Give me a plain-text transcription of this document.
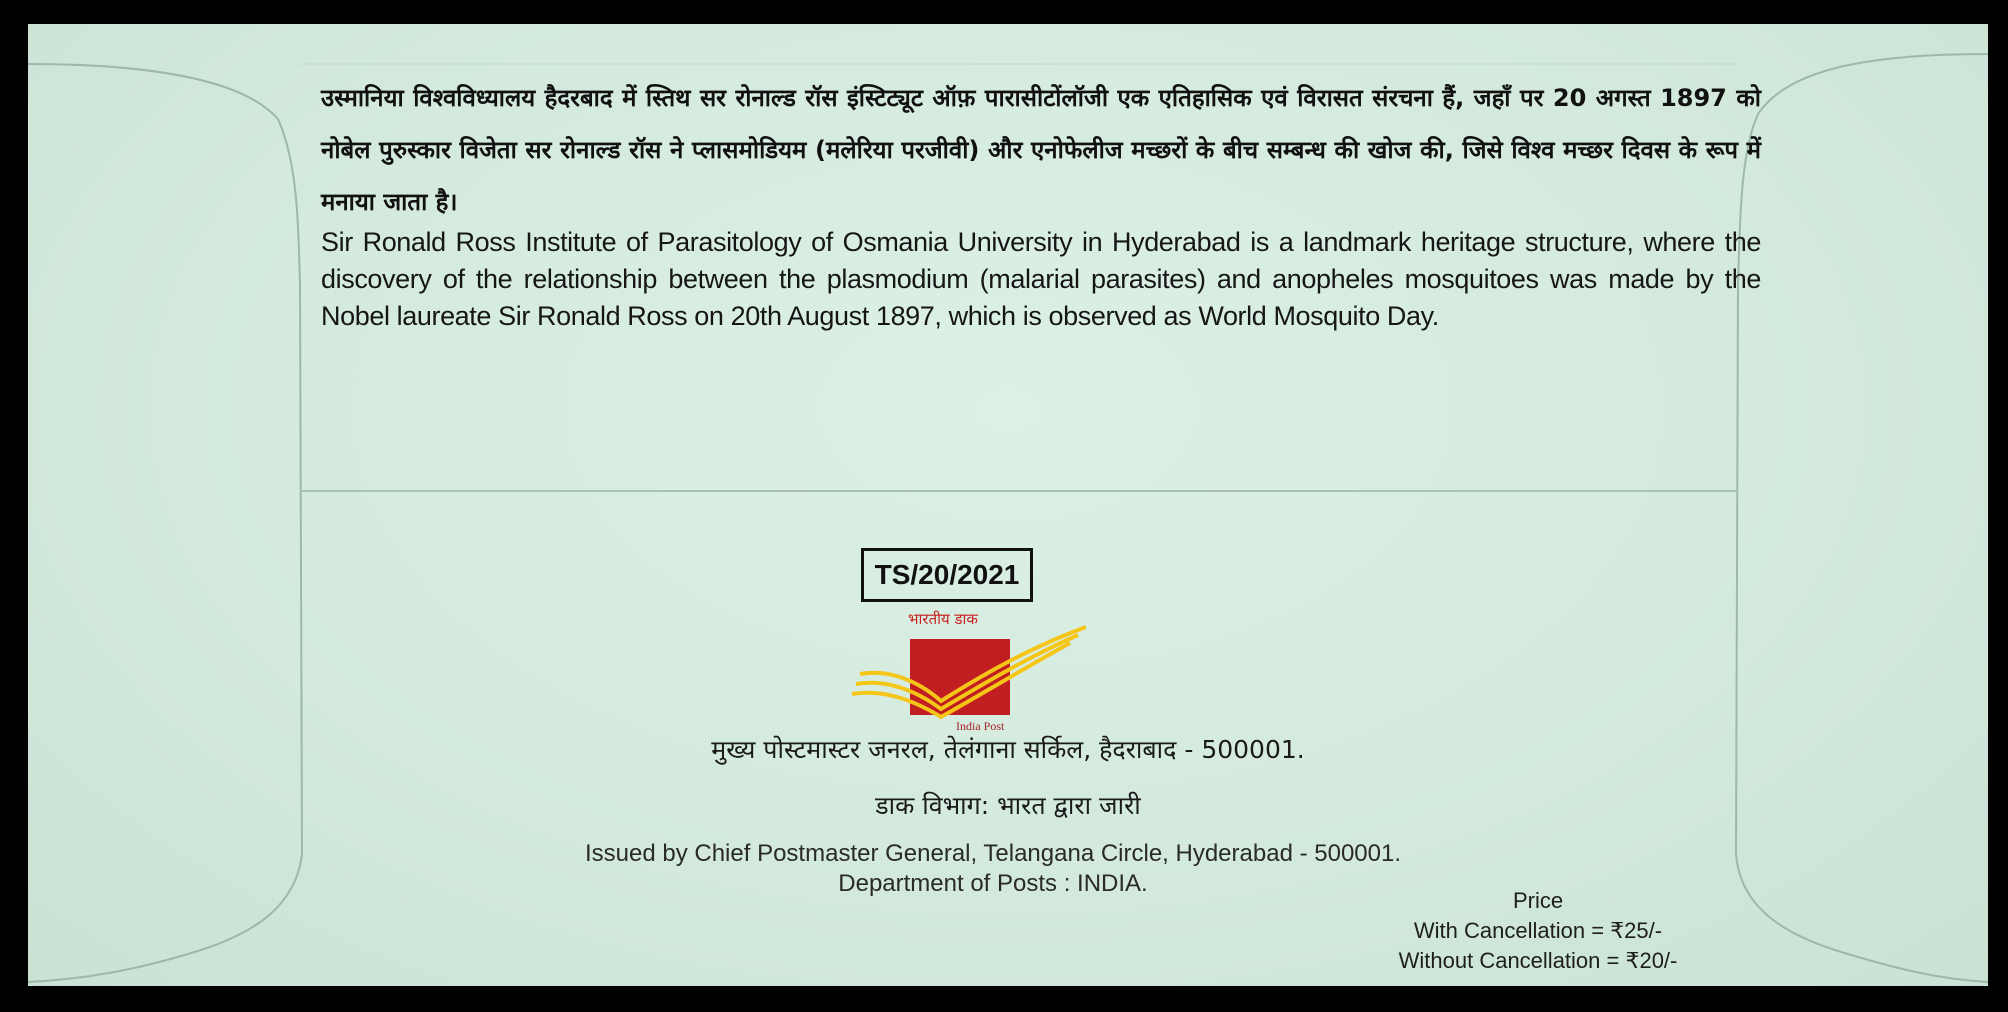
उस्मानिया विश्वविध्यालय हैदरबाद में स्तिथ सर रोनाल्ड रॉस इंस्टिट्यूट ऑफ़ पारासीटोंलॉजी एक एतिहासिक एवं विरासत संरचना हैं, जहाँ पर 20 अगस्त 1897 को नोबेल पुरुस्कार विजेता सर रोनाल्ड रॉस ने प्लासमोडियम (मलेरिया परजीवी) और एनोफेलीज मच्छरों के बीच सम्बन्ध की खोज की, जिसे विश्व मच्छर दिवस के रूप में मनाया जाता है।

Sir Ronald Ross Institute of Parasitology of Osmania University in Hyderabad is a landmark heritage structure, where the discovery of the relationship between the plasmodium (malarial parasites) and anopheles mosquitoes was made by the Nobel laureate Sir Ronald Ross on 20th August 1897, which is observed as World Mosquito Day.

TS/20/2021
भारतीय डाक
India Post

मुख्य पोस्टमास्टर जनरल, तेलंगाना सर्किल, हैदराबाद - 500001.

डाक विभाग: भारत द्वारा जारी

Issued by Chief Postmaster General, Telangana Circle, Hyderabad - 500001.

Department of Posts : INDIA.

Price
With Cancellation = ₹25/-
Without Cancellation = ₹20/-
